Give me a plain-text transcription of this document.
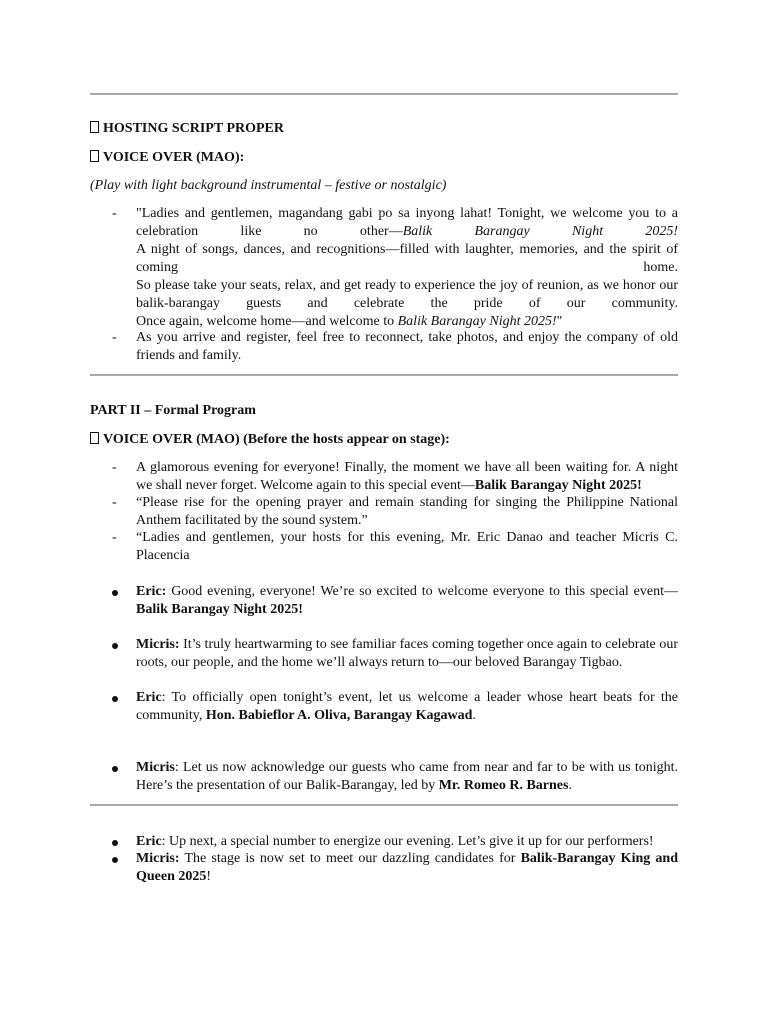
HOSTING SCRIPT PROPER
VOICE OVER (MAO):
(Play with light background instrumental – festive or nostalgic)
-	"Ladies and gentlemen, magandang gabi po sa inyong lahat! Tonight, we welcome you to a
celebration like no other—Balik Barangay Night 2025!
A night of songs, dances, and recognitions—filled with laughter, memories, and the spirit of
coming home.
So please take your seats, relax, and get ready to experience the joy of reunion, as we honor our
balik-barangay guests and celebrate the pride of our community.
Once again, welcome home—and welcome to Balik Barangay Night 2025!"
-	As you arrive and register, feel free to reconnect, take photos, and enjoy the company of old friends and family.
PART II – Formal Program
VOICE OVER (MAO) (Before the hosts appear on stage):
-	A glamorous evening for everyone! Finally, the moment we have all been waiting for. A night we shall never forget. Welcome again to this special event—Balik Barangay Night 2025!
-	“Please rise for the opening prayer and remain standing for singing the Philippine National Anthem facilitated by the sound system.”
-	“Ladies and gentlemen, your hosts for this evening, Mr. Eric Danao and teacher Micris C. Placencia
Eric: Good evening, everyone! We’re so excited to welcome everyone to this special event—Balik Barangay Night 2025!
Micris: It’s truly heartwarming to see familiar faces coming together once again to celebrate our roots, our people, and the home we’ll always return to—our beloved Barangay Tigbao.
Eric: To officially open tonight’s event, let us welcome a leader whose heart beats for the community, Hon. Babieflor A. Oliva, Barangay Kagawad.
Micris: Let us now acknowledge our guests who came from near and far to be with us tonight. Here’s the presentation of our Balik-Barangay, led by Mr. Romeo R. Barnes.
Eric: Up next, a special number to energize our evening. Let’s give it up for our performers!
Micris: The stage is now set to meet our dazzling candidates for Balik-Barangay King and Queen 2025!
